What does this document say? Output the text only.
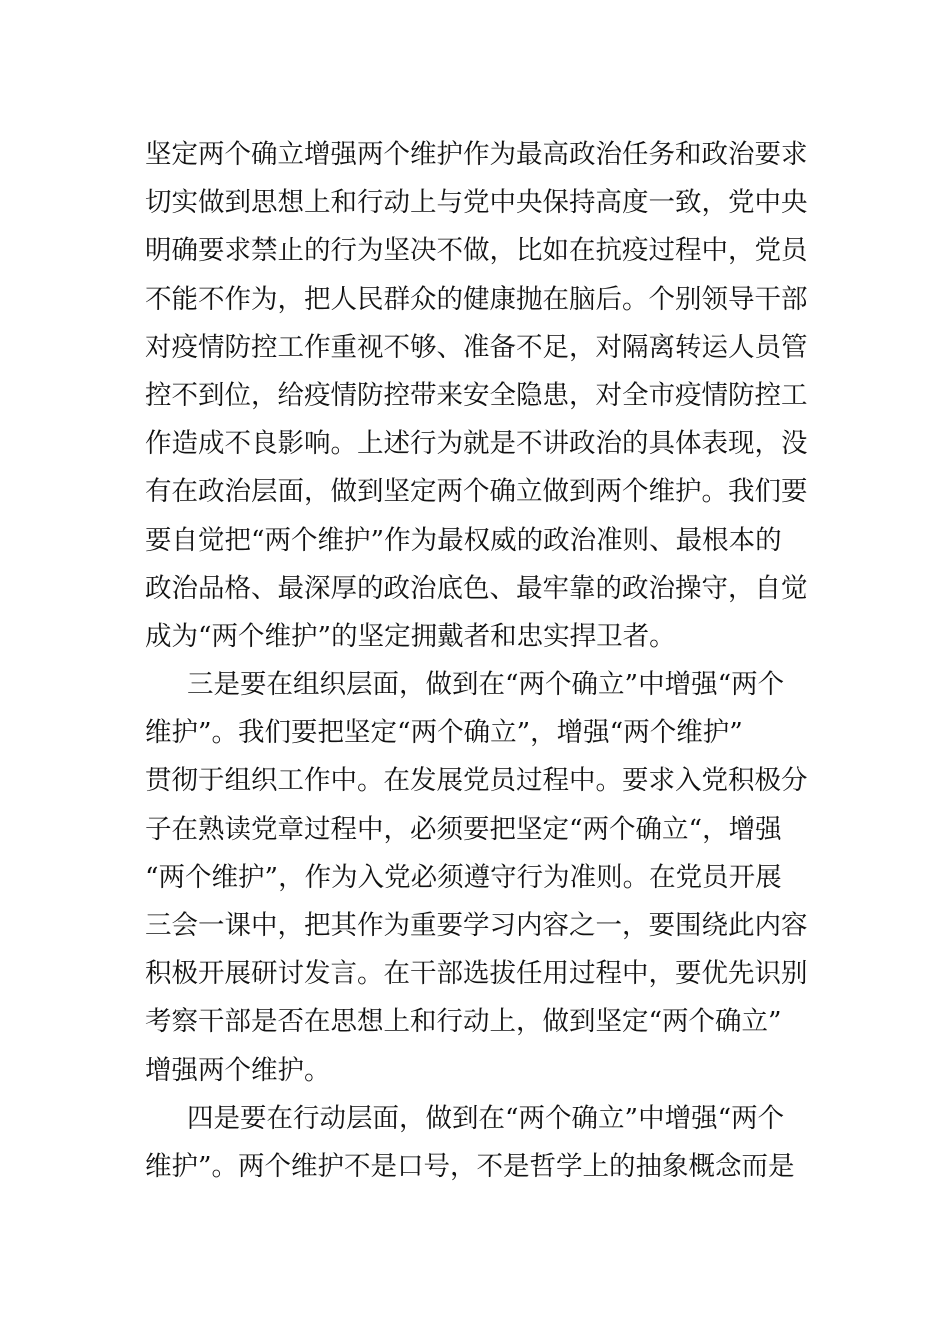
坚定两个确立增强两个维护作为最高政治任务和政治要求
切实做到思想上和行动上与党中央保持高度一致，党中央
明确要求禁止的行为坚决不做，比如在抗疫过程中，党员
不能不作为，把人民群众的健康抛在脑后。个别领导干部
对疫情防控工作重视不够、准备不足，对隔离转运人员管
控不到位，给疫情防控带来安全隐患，对全市疫情防控工
作造成不良影响。上述行为就是不讲政治的具体表现，没
有在政治层面，做到坚定两个确立做到两个维护。我们要
要自觉把“两个维护”作为最权威的政治准则、最根本的
政治品格、最深厚的政治底色、最牢靠的政治操守，自觉
成为“两个维护”的坚定拥戴者和忠实捍卫者。
三是要在组织层面，做到在“两个确立”中增强“两个
维护”。我们要把坚定“两个确立”，增强“两个维护”
贯彻于组织工作中。在发展党员过程中。要求入党积极分
子在熟读党章过程中，必须要把坚定“两个确立“，增强
“两个维护”，作为入党必须遵守行为准则。在党员开展
三会一课中，把其作为重要学习内容之一，要围绕此内容
积极开展研讨发言。在干部选拔任用过程中，要优先识别
考察干部是否在思想上和行动上，做到坚定“两个确立”
增强两个维护。
四是要在行动层面，做到在“两个确立”中增强“两个
维护”。两个维护不是口号，不是哲学上的抽象概念而是
